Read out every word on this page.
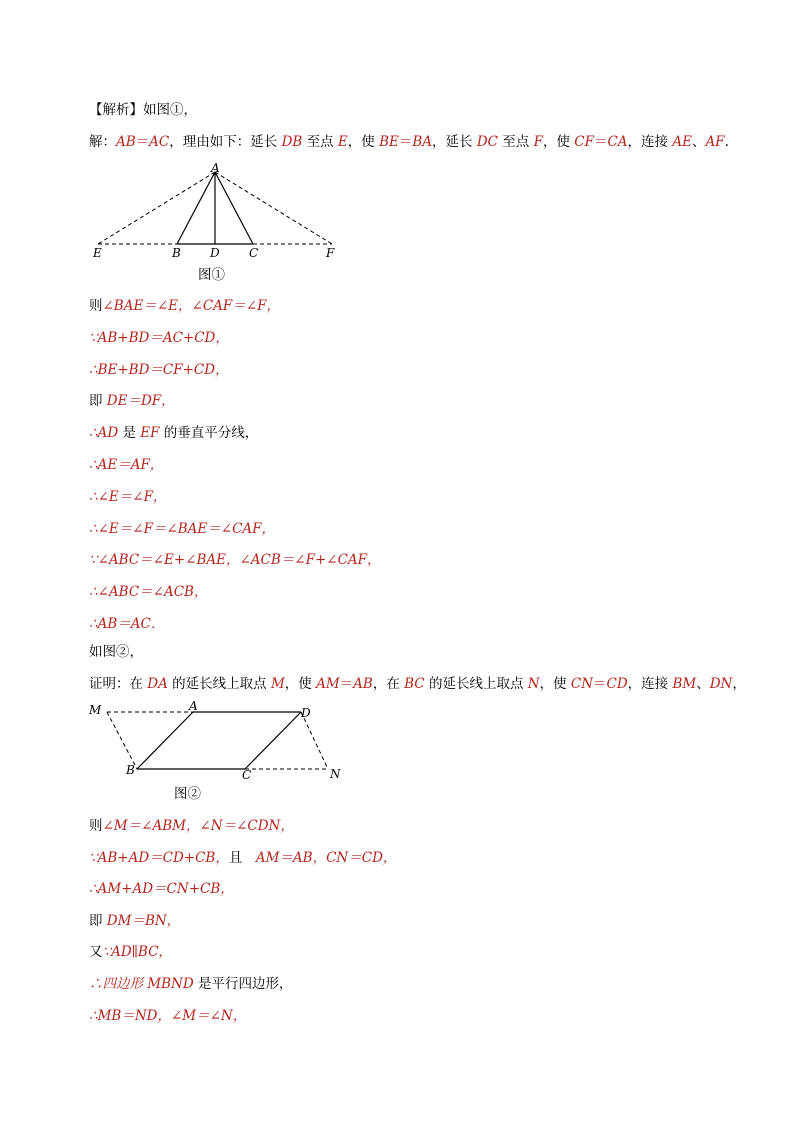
【解析】如图①，
解：AB＝AC，理由如下：延长 DB 至点 E，使 BE＝BA，延长 DC 至点 F，使 CF＝CA，连接 AE、AF.
A
B D C
E	F
图①
则∠BAE＝∠E，∠CAF＝∠F，
∵AB+BD＝AC+CD，
∴BE+BD＝CF+CD，
即 DE＝DF，
∴AD 是 EF 的垂直平分线，
∴AE＝AF，
∴∠E＝∠F，
∴∠E＝∠F＝∠BAE＝∠CAF，
∵∠ABC＝∠E+∠BAE，∠ACB＝∠F+∠CAF，
∴∠ABC＝∠ACB，
∴AB＝AC．
如图②，
证明：在 DA 的延长线上取点 M，使 AM＝AB，在 BC 的延长线上取点 N，使 CN＝CD，连接 BM、DN，
M	A	D
B	C	N
图②
则∠M＝∠ABM，∠N＝∠CDN，
∵AB+AD＝CD+CB，且　AM＝AB，CN＝CD，
∴AM+AD＝CN+CB，
即 DM＝BN，
又∵AD∥BC，
∴四边形 MBND 是平行四边形，
∴MB＝ND，∠M＝∠N，
